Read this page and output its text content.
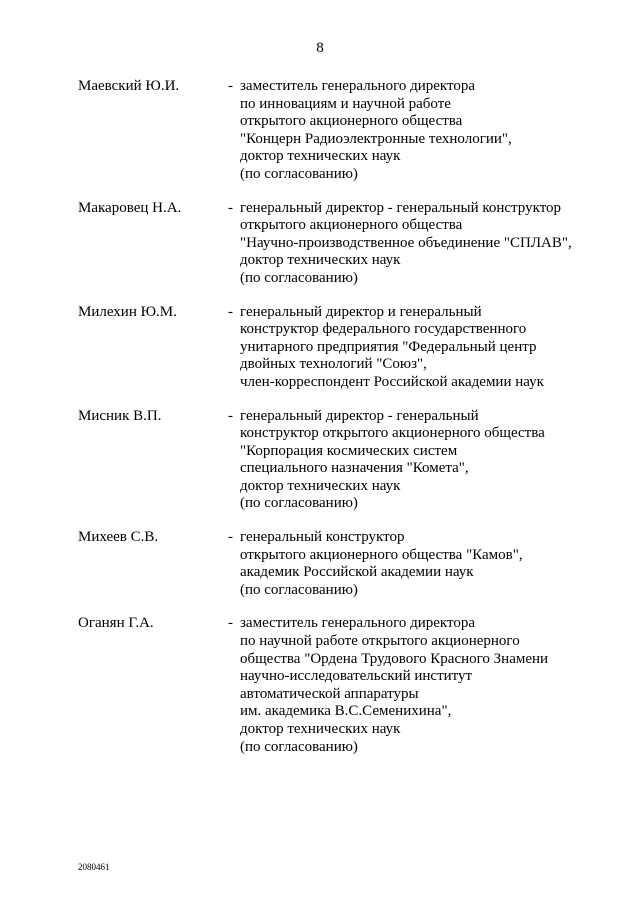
8
Маевский Ю.И.	- заместитель генерального директора
по инновациям и научной работе
открытого акционерного общества
"Концерн Радиоэлектронные технологии",
доктор технических наук
(по согласованию)
Макаровец Н.А.	- генеральный директор - генеральный конструктор
открытого акционерного общества
"Научно-производственное объединение "СПЛАВ",
доктор технических наук
(по согласованию)
Милехин Ю.М.	- генеральный директор и генеральный
конструктор федерального государственного
унитарного предприятия "Федеральный центр
двойных технологий "Союз",
член-корреспондент Российской академии наук
Мисник В.П.	- генеральный директор - генеральный
конструктор открытого акционерного общества
"Корпорация космических систем
специального назначения "Комета",
доктор технических наук
(по согласованию)
Михеев С.В.	- генеральный конструктор
открытого акционерного общества "Камов",
академик Российской академии наук
(по согласованию)
Оганян Г.А.	- заместитель генерального директора
по научной работе открытого акционерного
общества "Ордена Трудового Красного Знамени
научно-исследовательский институт
автоматической аппаратуры
им. академика В.С.Семенихина",
доктор технических наук
(по согласованию)
2080461
